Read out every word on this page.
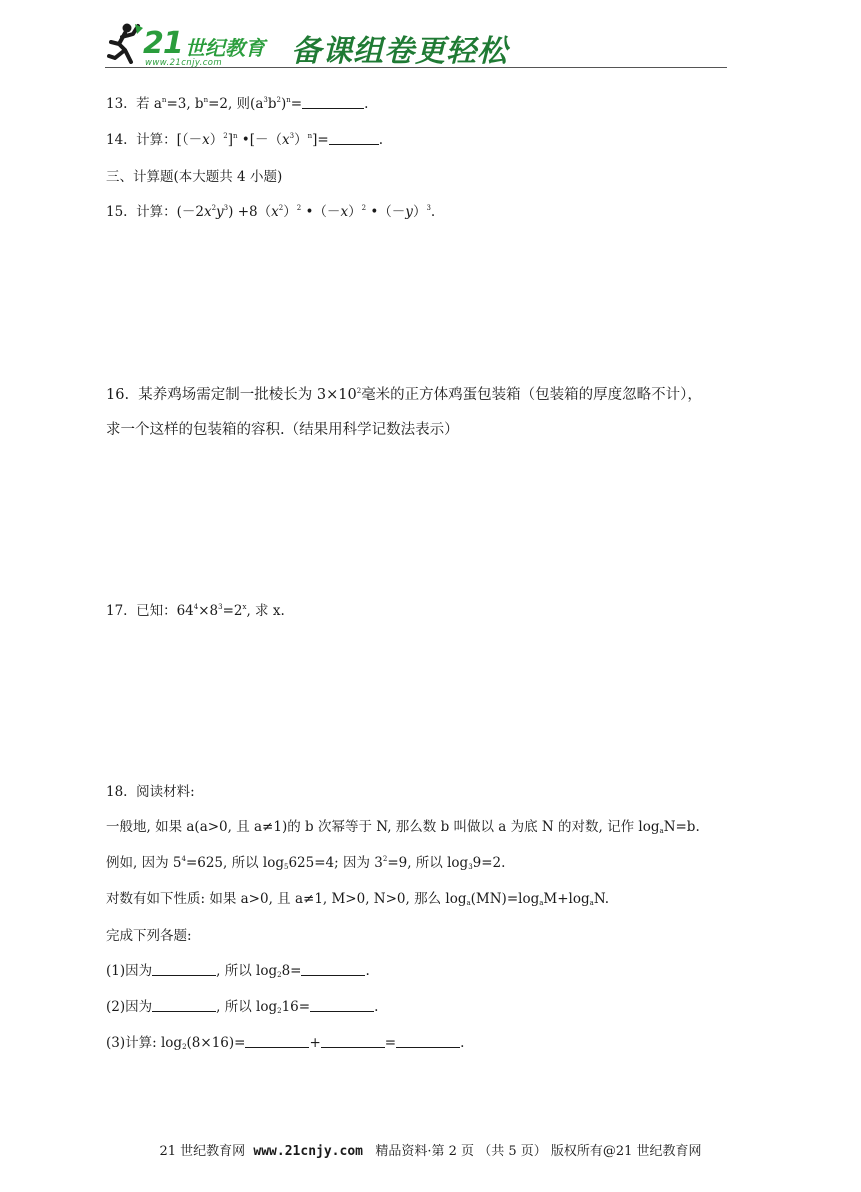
21 世纪教育
www.21cnjy.com 备课组卷更轻松
13. 若 $a^n=3$, $b^n=2$, 则$(a^3b^2)^n=$	.
14. 计算：$[(-x)^2]^n$ $•[-(x^3)^n]=$	.
三、计算题(本大题共 4 小题)
15. 计算：$(-2x^2y^3) +8(x^2)^2$ $•(-x)^2$ $•(-y)^3$.
16. 某养鸡场需定制一批棱长为 $3\times 10^2$毫米的正方体鸡蛋包装箱（包装箱的厚度忽略不计），
求一个这样的包装箱的容积.（结果用科学记数法表示）
17. 已知：$64^4\times 8^3=2^x$, 求 x.
18. 阅读材料:
一般地, 如果 a(a>0, 且 a≠1)的 b 次幂等于 N, 那么数 b 叫做以 a 为底 N 的对数, 记作 $\log_aN=b$.
例如, 因为 $5^4=625$, 所以 $\log_5625=4$; 因为 $3^2=9$, 所以 $\log_39=2$.
对数有如下性质: 如果 a>0, 且 a≠1, M>0, N>0, 那么 $\log_a(MN)=\log_aM+\log_aN$.
完成下列各题:
(1)因为	, 所以 $\log_28=$	.
(2)因为	, 所以 $\log_216=$	.
(3)计算: $\log_2(8\times 16)=$	+	=	.
21 世纪教育网 www.21cnjy.com 精品资料·第 2 页 （共 5 页） 版权所有@21 世纪教育网
